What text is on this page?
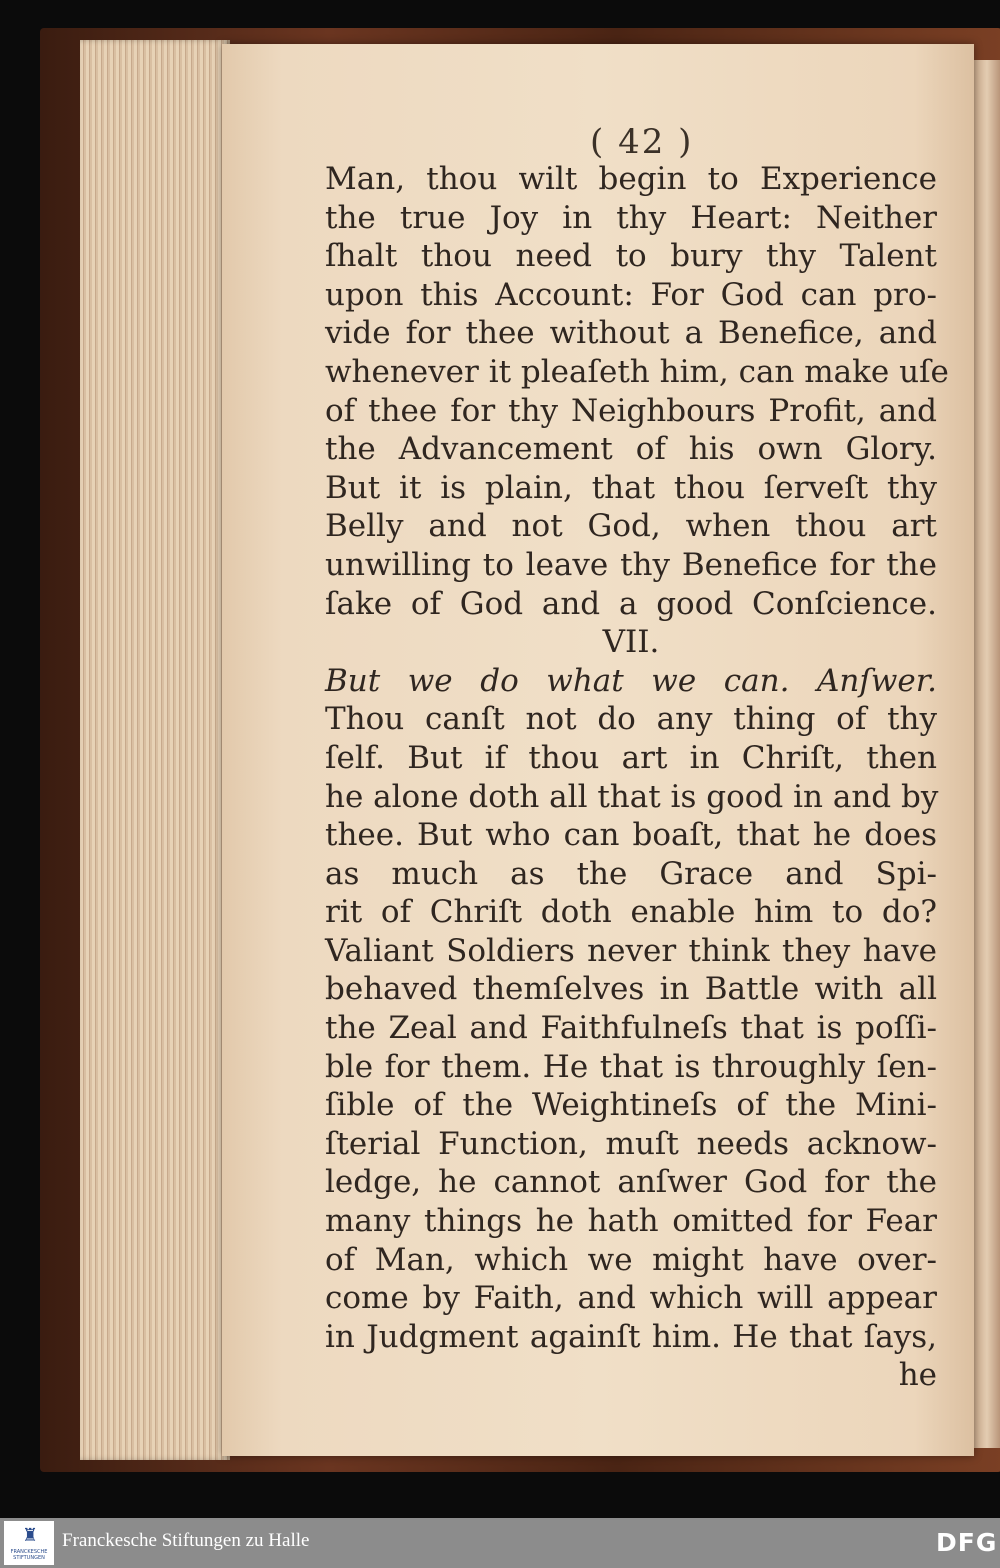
( 42 )
Man, thou wilt begin to Experience
the true Joy in thy Heart: Neither
ſhalt thou need to bury thy Talent
upon this Account: For God can pro-
vide for thee without a Benefice, and
whenever it pleaſeth him, can make uſe
of thee for thy Neighbours Profit, and
the Advancement of his own Glory.
But it is plain, that thou ſerveſt thy
Belly and not God, when thou art
unwilling to leave thy Benefice for the
ſake of God and a good Conſcience.
VII.
But we do what we can. Anſwer.
Thou canſt not do any thing of thy
ſelf. But if thou art in Chriſt, then
he alone doth all that is good in and by
thee. But who can boaſt, that he does
as much as the Grace and Spi-
rit of Chriſt doth enable him to do?
Valiant Soldiers never think they have
behaved themſelves in Battle with all
the Zeal and Faithfulneſs that is poſſi-
ble for them. He that is throughly ſen-
ſible of the Weightineſs of the Mini-
ſterial Function, muſt needs acknow-
ledge, he cannot anſwer God for the
many things he hath omitted for Fear
of Man, which we might have over-
come by Faith, and which will appear
in Judgment againſt him. He that ſays,
he
♜
FRANCKESCHE STIFTUNGEN
Franckesche Stiftungen zu Halle	DFG
